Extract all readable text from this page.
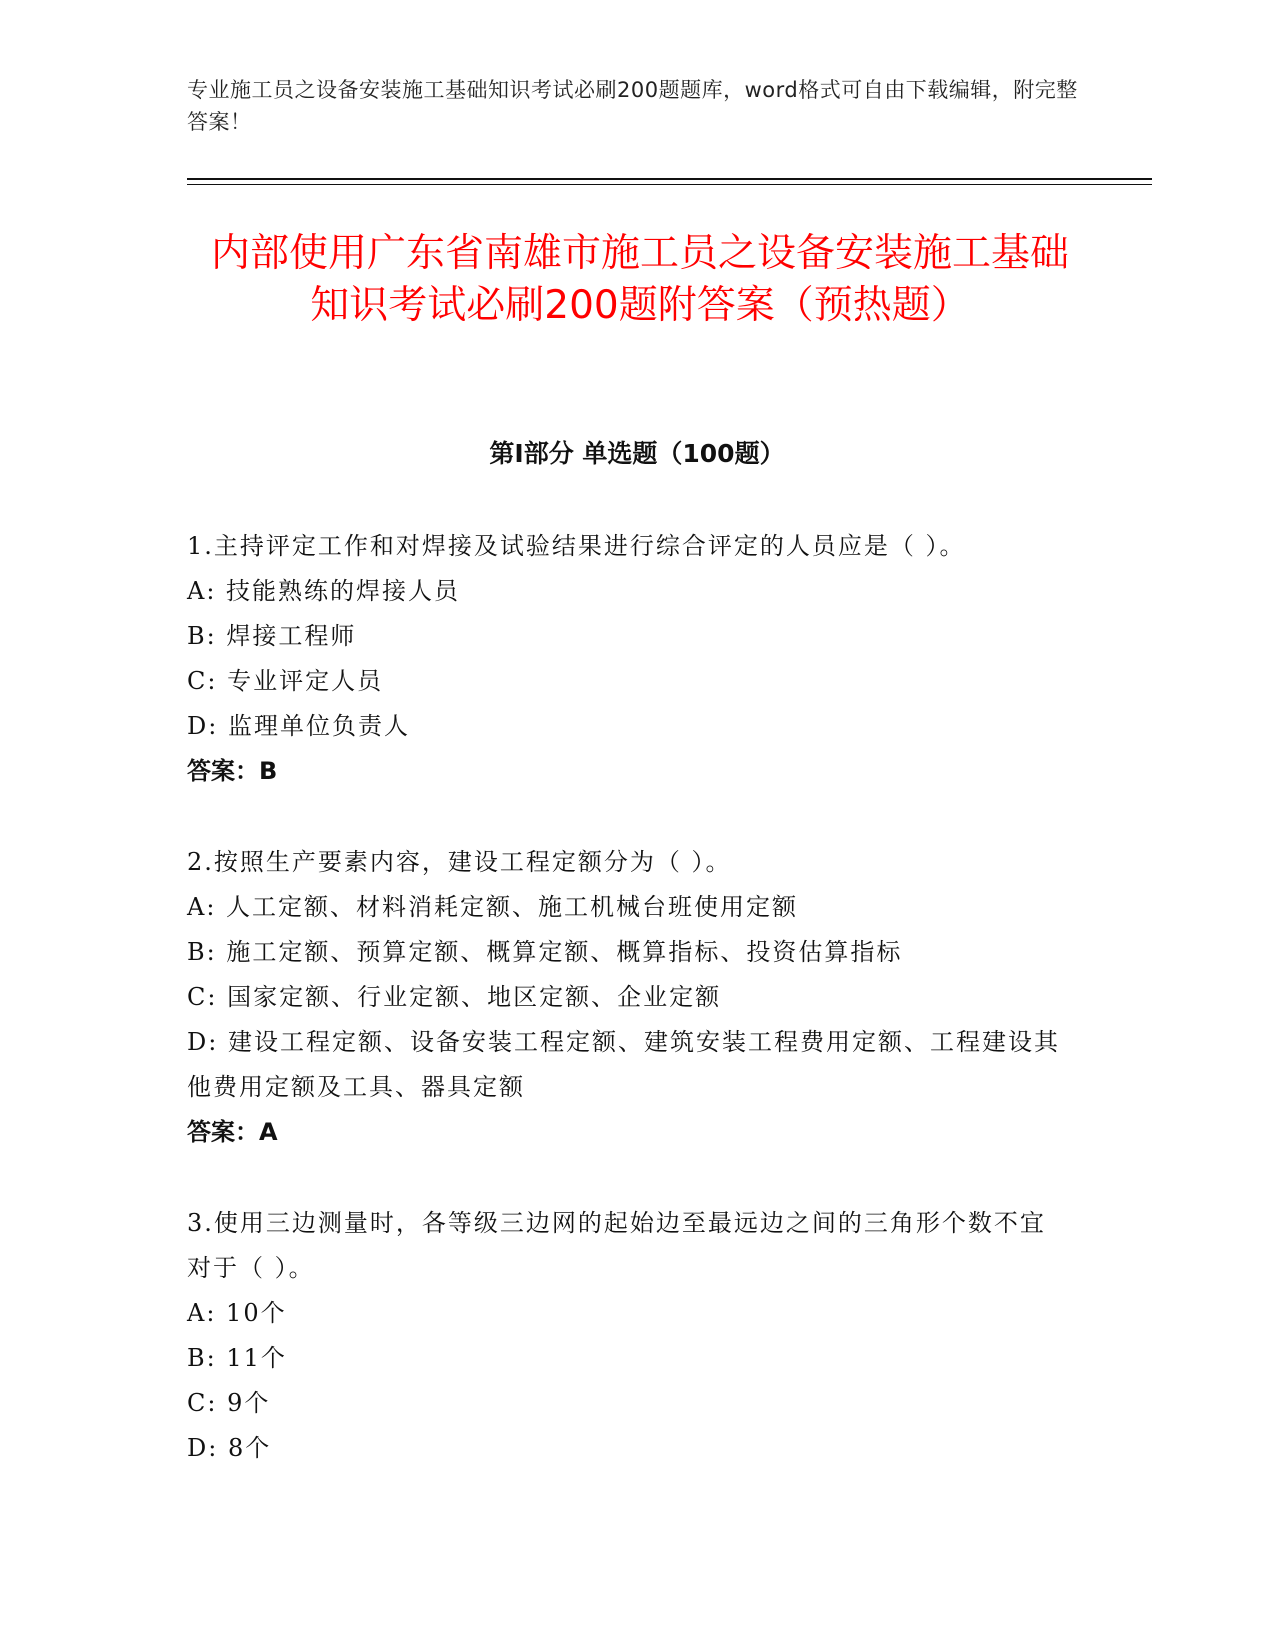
专业施工员之设备安装施工基础知识考试必刷200题题库，word格式可自由下载编辑，附完整答案！
内部使用广东省南雄市施工员之设备安装施工基础知识考试必刷200题附答案（预热题）
第I部分 单选题（100题）
1.主持评定工作和对焊接及试验结果进行综合评定的人员应是（ ）。
A: 技能熟练的焊接人员
B: 焊接工程师
C: 专业评定人员
D: 监理单位负责人
答案：B
2.按照生产要素内容，建设工程定额分为（ ）。
A: 人工定额、材料消耗定额、施工机械台班使用定额
B: 施工定额、预算定额、概算定额、概算指标、投资估算指标
C: 国家定额、行业定额、地区定额、企业定额
D: 建设工程定额、设备安装工程定额、建筑安装工程费用定额、工程建设其他费用定额及工具、器具定额
答案：A
3.使用三边测量时，各等级三边网的起始边至最远边之间的三角形个数不宜对于（ ）。
A: 10个
B: 11个
C: 9个
D: 8个
